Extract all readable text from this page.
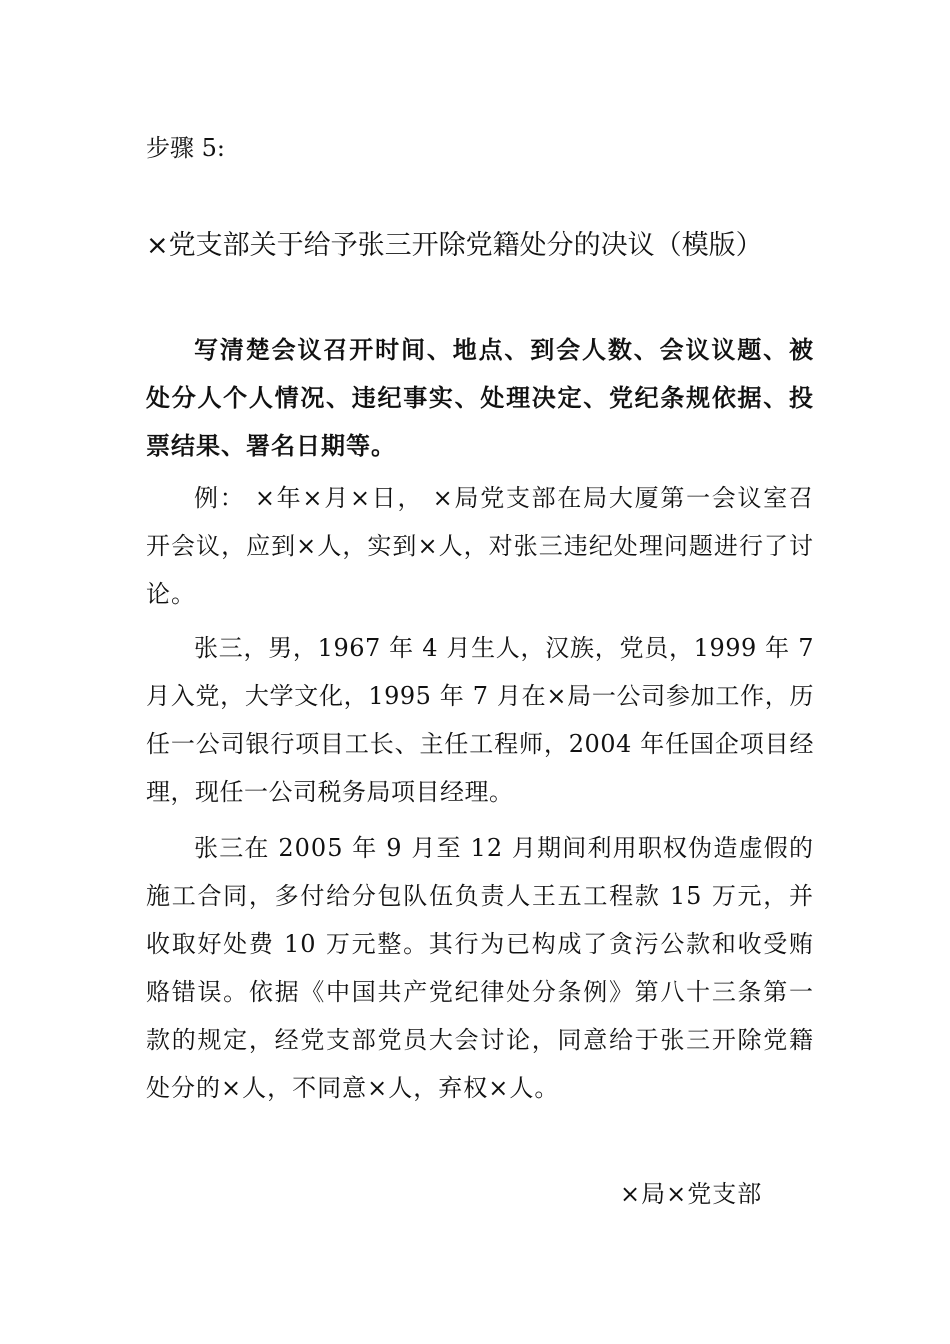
步骤 5:
×党支部关于给予张三开除党籍处分的决议（模版）

写清楚会议召开时间、地点、到会人数、会议议题、被处分人个人情况、违纪事实、处理决定、党纪条规依据、投票结果、署名日期等。

例： ×年×月×日， ×局党支部在局大厦第一会议室召开会议，应到×人，实到×人，对张三违纪处理问题进行了讨论。

张三，男，1967 年 4 月生人，汉族，党员，1999 年 7 月入党，大学文化，1995 年 7 月在×局一公司参加工作，历任一公司银行项目工长、主任工程师，2004 年任国企项目经理，现任一公司税务局项目经理。

张三在 2005 年 9 月至 12 月期间利用职权伪造虚假的施工合同，多付给分包队伍负责人王五工程款 15 万元，并收取好处费 10 万元整。其行为已构成了贪污公款和收受贿赂错误。依据《中国共产党纪律处分条例》第八十三条第一款的规定，经党支部党员大会讨论，同意给于张三开除党籍处分的×人，不同意×人，弃权×人。

×局×党支部
